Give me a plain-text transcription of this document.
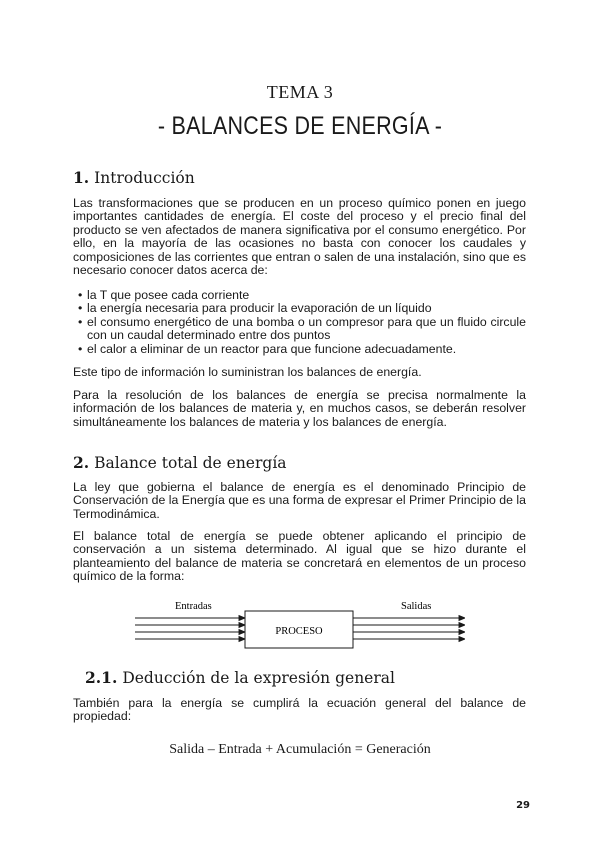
TEMA 3
- BALANCES DE ENERGÍA -
1. Introducción

Las transformaciones que se producen en un proceso químico ponen en juego importantes cantidades de energía. El coste del proceso y el precio final del producto se ven afectados de manera significativa por el consumo energético. Por ello, en la mayoría de las ocasiones no basta con conocer los caudales y composiciones de las corrientes que entran o salen de una instalación, sino que es necesario conocer datos acerca de:

• la T que posee cada corriente
• la energía necesaria para producir la evaporación de un líquido
• el consumo energético de una bomba o un compresor para que un fluido circule con un caudal determinado entre dos puntos
• el calor a eliminar de un reactor para que funcione adecuadamente.

Este tipo de información lo suministran los balances de energía.

Para la resolución de los balances de energía se precisa normalmente la información de los balances de materia y, en muchos casos, se deberán resolver simultáneamente los balances de materia y los balances de energía.

2. Balance total de energía

La ley que gobierna el balance de energía es el denominado Principio de Conservación de la Energía que es una forma de expresar el Primer Principio de la Termodinámica.

El balance total de energía se puede obtener aplicando el principio de conservación a un sistema determinado. Al igual que se hizo durante el planteamiento del balance de materia se concretará en elementos de un proceso químico de la forma:

Entradas	Salidas
PROCESO
2.1. Deducción de la expresión general

También para la energía se cumplirá la ecuación general del balance de propiedad:

Salida – Entrada + Acumulación = Generación
29
